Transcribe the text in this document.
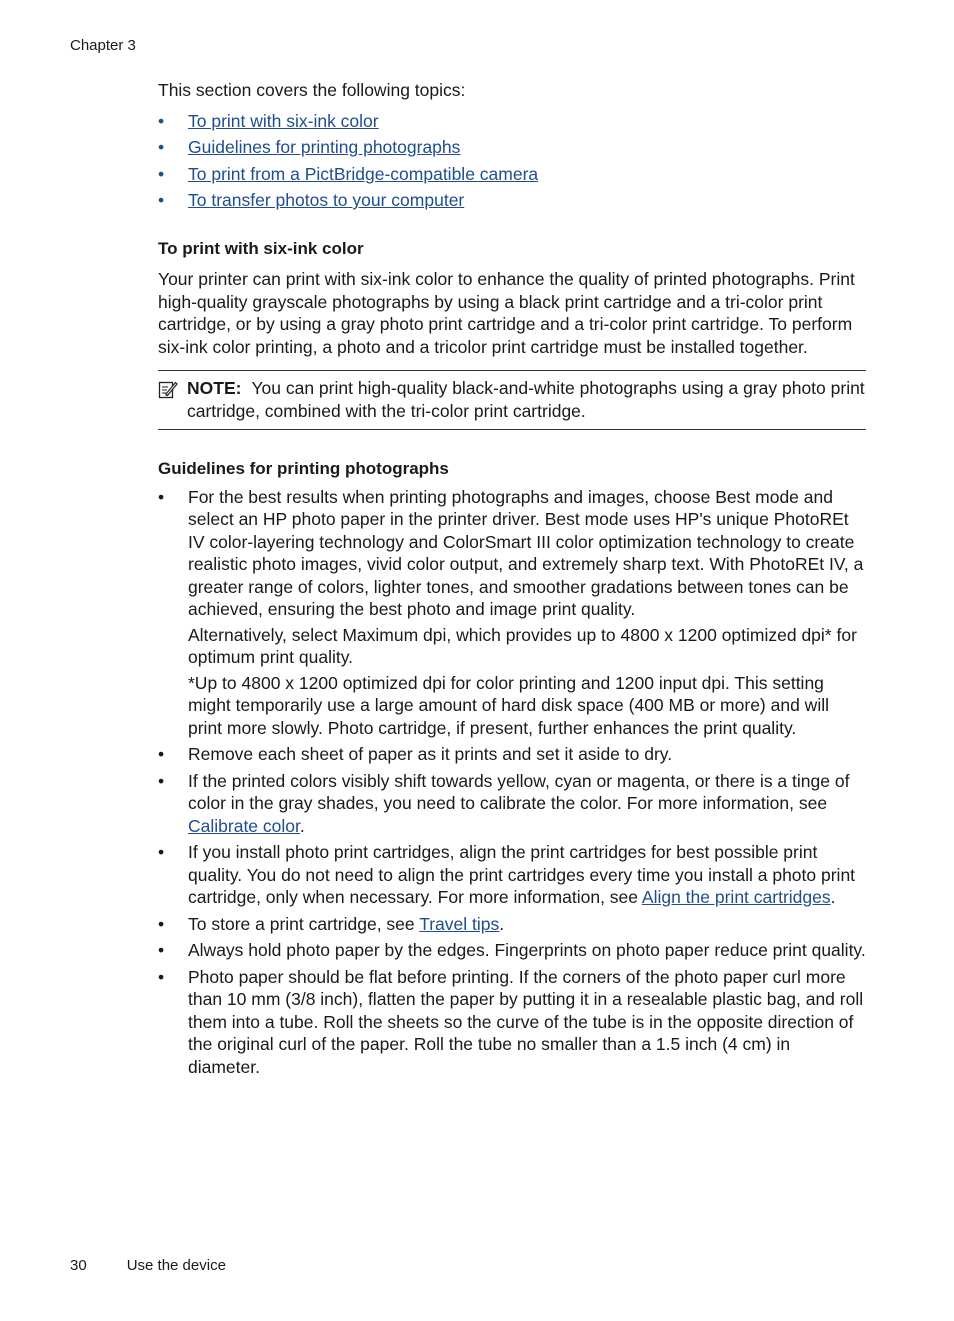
Chapter 3

This section covers the following topics:

• To print with six-ink color
• Guidelines for printing photographs
• To print from a PictBridge-compatible camera
• To transfer photos to your computer
To print with six-ink color

Your printer can print with six-ink color to enhance the quality of printed photographs. Print high-quality grayscale photographs by using a black print cartridge and a tri-color print cartridge, or by using a gray photo print cartridge and a tri-color print cartridge. To perform six-ink color printing, a photo and a tricolor print cartridge must be installed together.

NOTE: You can print high-quality black-and-white photographs using a gray photo print cartridge, combined with the tri-color print cartridge.
Guidelines for printing photographs
• For the best results when printing photographs and images, choose Best mode and select an HP photo paper in the printer driver. Best mode uses HP's unique PhotoREt IV color-layering technology and ColorSmart III color optimization technology to create realistic photo images, vivid color output, and extremely sharp text. With PhotoREt IV, a greater range of colors, lighter tones, and smoother gradations between tones can be achieved, ensuring the best photo and image print quality.

Alternatively, select Maximum dpi, which provides up to 4800 x 1200 optimized dpi* for optimum print quality.

*Up to 4800 x 1200 optimized dpi for color printing and 1200 input dpi. This setting might temporarily use a large amount of hard disk space (400 MB or more) and will print more slowly. Photo cartridge, if present, further enhances the print quality.

• Remove each sheet of paper as it prints and set it aside to dry.
• If the printed colors visibly shift towards yellow, cyan or magenta, or there is a tinge of color in the gray shades, you need to calibrate the color. For more information, see Calibrate color.
• If you install photo print cartridges, align the print cartridges for best possible print quality. You do not need to align the print cartridges every time you install a photo print cartridge, only when necessary. For more information, see Align the print cartridges.
• To store a print cartridge, see Travel tips.
• Always hold photo paper by the edges. Fingerprints on photo paper reduce print quality.
• Photo paper should be flat before printing. If the corners of the photo paper curl more than 10 mm (3/8 inch), flatten the paper by putting it in a resealable plastic bag, and roll them into a tube. Roll the sheets so the curve of the tube is in the opposite direction of the original curl of the paper. Roll the tube no smaller than a 1.5 inch (4 cm) in diameter.
30	Use the device
